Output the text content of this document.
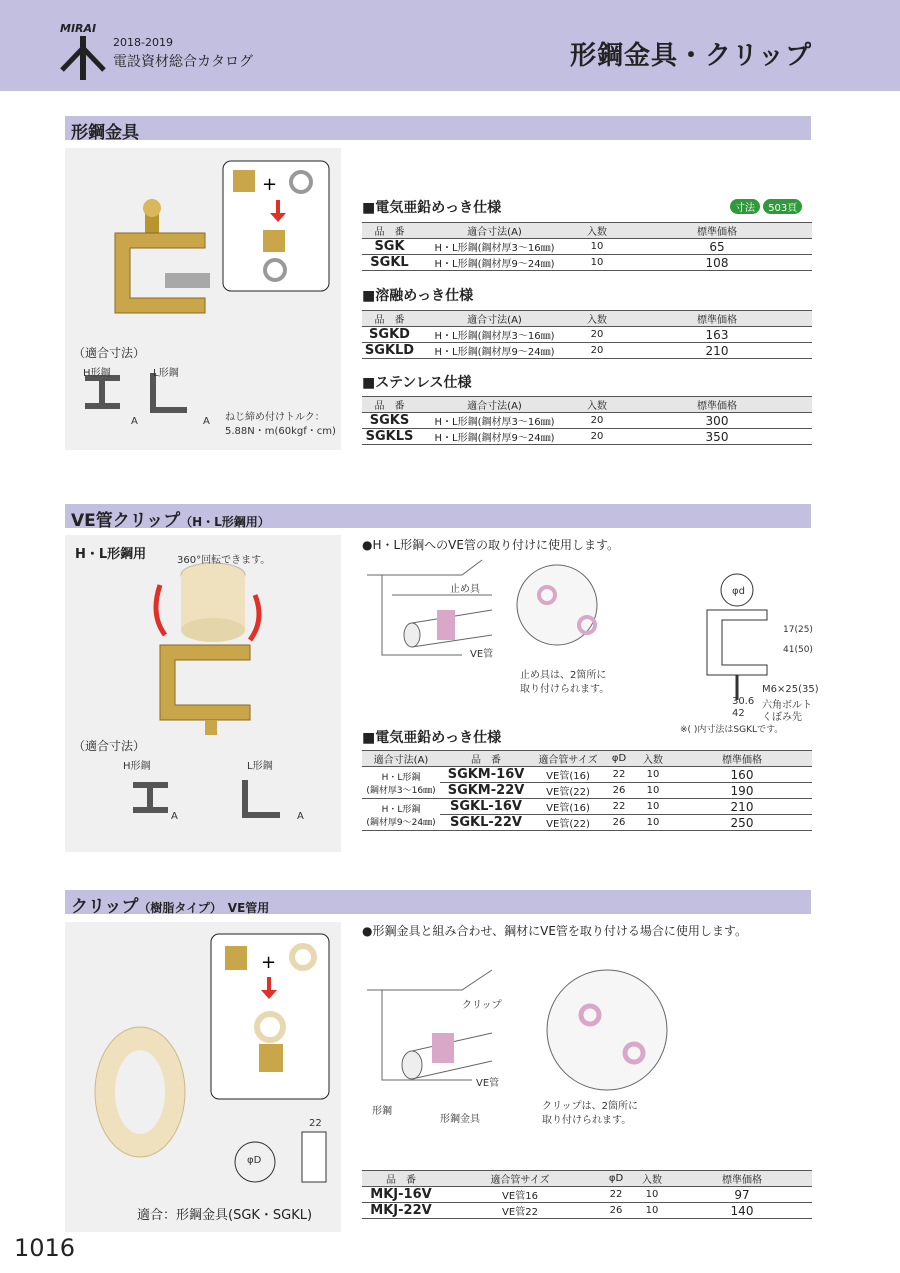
MIRAI
2018-2019
電設資材総合カタログ	形鋼金具・クリップ
形鋼金具
+
（適合寸法）
H形鋼	L形鋼
A	A ねじ締め付けトルク：
5.88N・m(60kgf・cm)
■電気亜鉛めっき仕様	寸法 503頁
品　番	適合寸法(A)	入数	標準価格
SGK	H・L形鋼(鋼材厚3～16㎜)	10	65
SGKL	H・L形鋼(鋼材厚9～24㎜)	10	108
■溶融めっき仕様
品　番	適合寸法(A)	入数	標準価格
SGKD	H・L形鋼(鋼材厚3～16㎜)	20	163
SGKLD	H・L形鋼(鋼材厚9～24㎜)	20	210
■ステンレス仕様
品　番	適合寸法(A)	入数	標準価格
SGKS	H・L形鋼(鋼材厚3～16㎜)	20	300
SGKLS	H・L形鋼(鋼材厚9～24㎜)	20	350
VE管クリップ（H・L形鋼用）
H・L形鋼用	360°回転できます。
（適合寸法）
H形鋼	L形鋼
A	A
●H・L形鋼へのVE管の取り付けに使用します。
止め具
VE管
止め具は、2箇所に
取り付けられます。
φd
17(25)
41(50)
30.6
42
M6×25(35)
六角ボルト
くぼみ先
※( )内寸法はSGKLです。
■電気亜鉛めっき仕様
適合寸法(A)	品　番	適合管サイズ	φD	入数	標準価格

H・L形鋼
(鋼材厚3～16㎜)	SGKM-16V	VE管(16)	22	10	160
	SGKM-22V	VE管(22)	26	10	190

H・L形鋼
(鋼材厚9～24㎜)	SGKL-16V	VE管(16)	22	10	210
	SGKL-22V	VE管(22)	26	10	250
クリップ（樹脂タイプ） VE管用
+
22
φD
適合：形鋼金具(SGK・SGKL)
●形鋼金具と組み合わせ、鋼材にVE管を取り付ける場合に使用します。
クリップ
VE管
形鋼
形鋼金具
クリップは、2箇所に
取り付けられます。
品　番	適合管サイズ	φD	入数	標準価格
MKJ-16V	VE管16	22	10	97
MKJ-22V	VE管22	26	10	140
1016
